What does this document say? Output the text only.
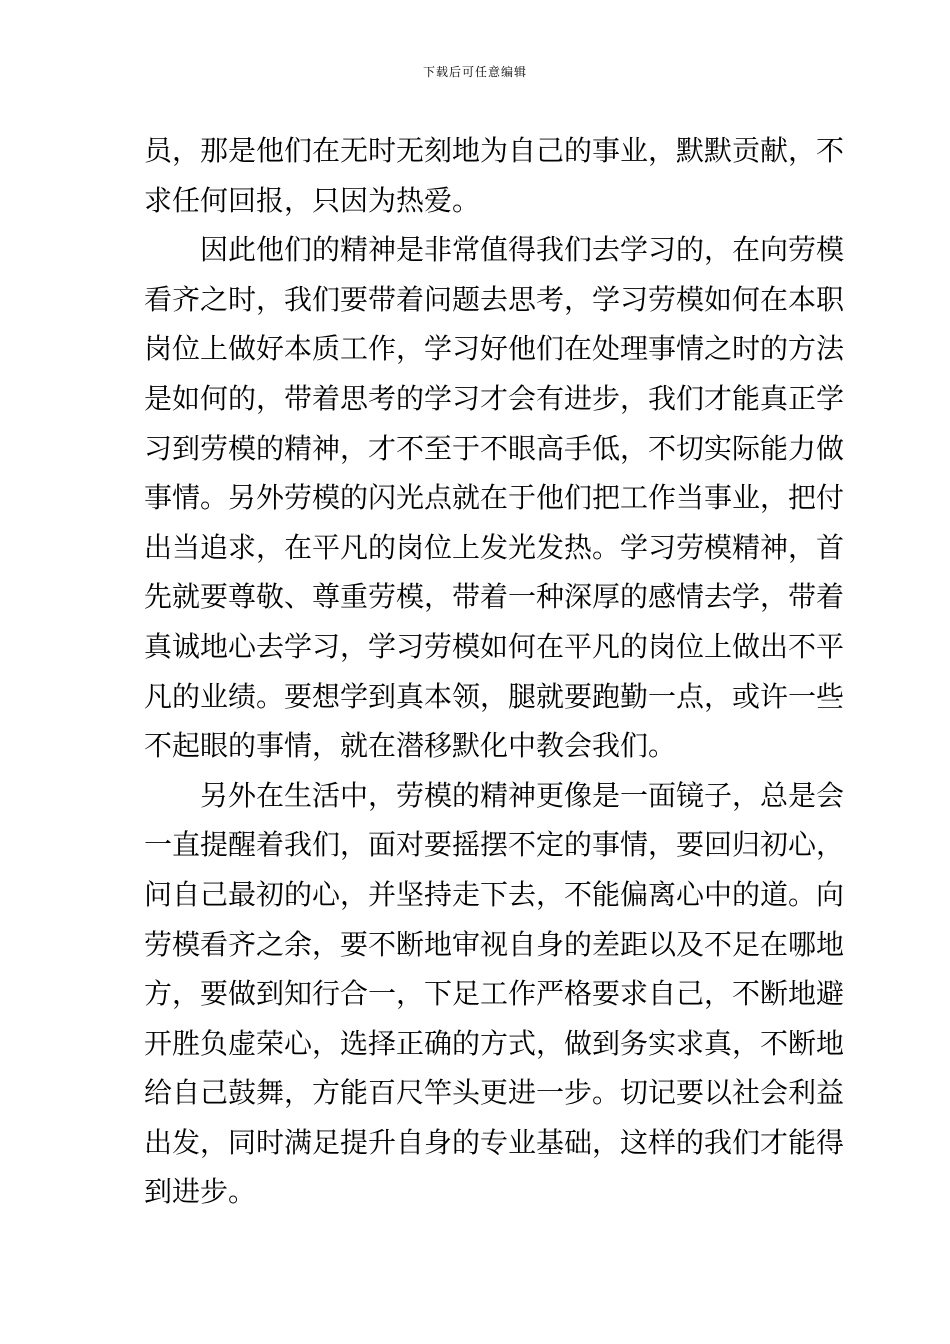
下载后可任意编辑
员，那是他们在无时无刻地为自己的事业，默默贡献，不
求任何回报，只因为热爱。
因此他们的精神是非常值得我们去学习的，在向劳模
看齐之时，我们要带着问题去思考，学习劳模如何在本职
岗位上做好本质工作，学习好他们在处理事情之时的方法
是如何的，带着思考的学习才会有进步，我们才能真正学
习到劳模的精神，才不至于不眼高手低，不切实际能力做
事情。另外劳模的闪光点就在于他们把工作当事业，把付
出当追求，在平凡的岗位上发光发热。学习劳模精神，首
先就要尊敬、尊重劳模，带着一种深厚的感情去学，带着
真诚地心去学习，学习劳模如何在平凡的岗位上做出不平
凡的业绩。要想学到真本领，腿就要跑勤一点，或许一些
不起眼的事情，就在潜移默化中教会我们。
另外在生活中，劳模的精神更像是一面镜子，总是会
一直提醒着我们，面对要摇摆不定的事情，要回归初心，
问自己最初的心，并坚持走下去，不能偏离心中的道。向
劳模看齐之余，要不断地审视自身的差距以及不足在哪地
方，要做到知行合一，下足工作严格要求自己，不断地避
开胜负虚荣心，选择正确的方式，做到务实求真，不断地
给自己鼓舞，方能百尺竿头更进一步。切记要以社会利益
出发，同时满足提升自身的专业基础，这样的我们才能得
到进步。
